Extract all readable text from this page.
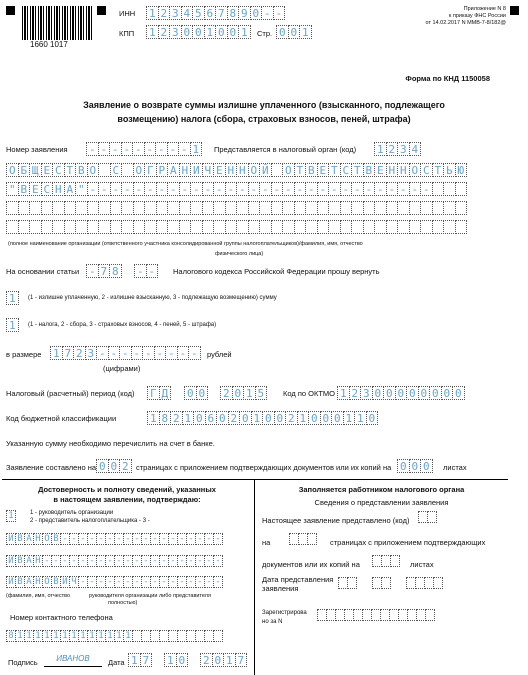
1660 1017
ИНН 1 2 3 4 5 6 7 8 9 0 - -
КПП 1 2 3 0 0 1 0 0 1	Стр. 0 0 1
Приложение N 8
к приказу ФНС России
от 14.02.2017 N ММВ-7-8/182@
Форма по КНД 1150058
Заявление о возврате суммы излишне уплаченного (взысканного, подлежащего
возмещению) налога (сбора, страховых взносов, пеней, штрафа)
Номер заявления - - - - - - - - - 1	Представляется в налоговый орган (код) 1 2 3 4
О Б Щ Е С Т В О С О Г Р А Н И Ч Е Н Н О Й О Т В Е Т С Т В Е Н Н О С Т Ь Ю
" В Е С Н А " - - - - - - - - - - - - - - - - - - - - - - - - - - - - - -
(полное наименование организации (ответственного участника консолидированной группы налогоплательщиков)/фамилия, имя, отчество
физического лица)
На основании статьи - 7 8 - -	Налогового кодекса Российской Федерации прошу вернуть
1	(1 - излишне уплаченную, 2 - излишне взысканную, 3 - подлежащую возмещению) сумму
1	(1 - налога, 2 - сбора, 3 - страховых взносов, 4 - пеней, 5 - штрафа)
в размере 1 7 2 3 - - - - - - - - -	рублей
(цифрами)
Налоговый (расчетный) период (код) Г Д 0 0 2 0 1 5	Код по ОКТМО 1 2 3 0 0 0 0 0 0 0 0
Код бюджетной классификации	1 8 2 1 0 6 0 2 0 1 0 0 2 1 0 0 0 1 1 0
Указанную сумму необходимо перечислить на счет в банке.
Заявление составлено на 0 0 2 страницах с приложением подтверждающих документов или их копий на 0 0 0	листах
Достоверность и полноту сведений, указанных
в настоящем заявлении, подтверждаю:
1	1 - руководитель организации
2 - представитель налогоплательщика - 3 -
И В А Н О В - - - - - - - - - - - - - - - - - -
И В А Н - - - - - - - - - - - - - - - - - - - -
И В А Н О В И Ч - - - - - - - - - - - - - - - -
(фамилия, имя, отчество	руководителя организации либо представителя
полностью)
Номер контактного телефона
8 1 1 1 1 1 1 1 1 1 1 1 1 1
Подпись	ИВАНОВ	Дата 1 7 1 0 2 0 1 7
Заполняется работником налогового органа
Сведения о представлении заявления
Настоящее заявление представлено (код)
на	страницах с приложением подтверждающих
документов или их копий на	листах
Дата представления
заявления
Зарегистрирова
но за N
